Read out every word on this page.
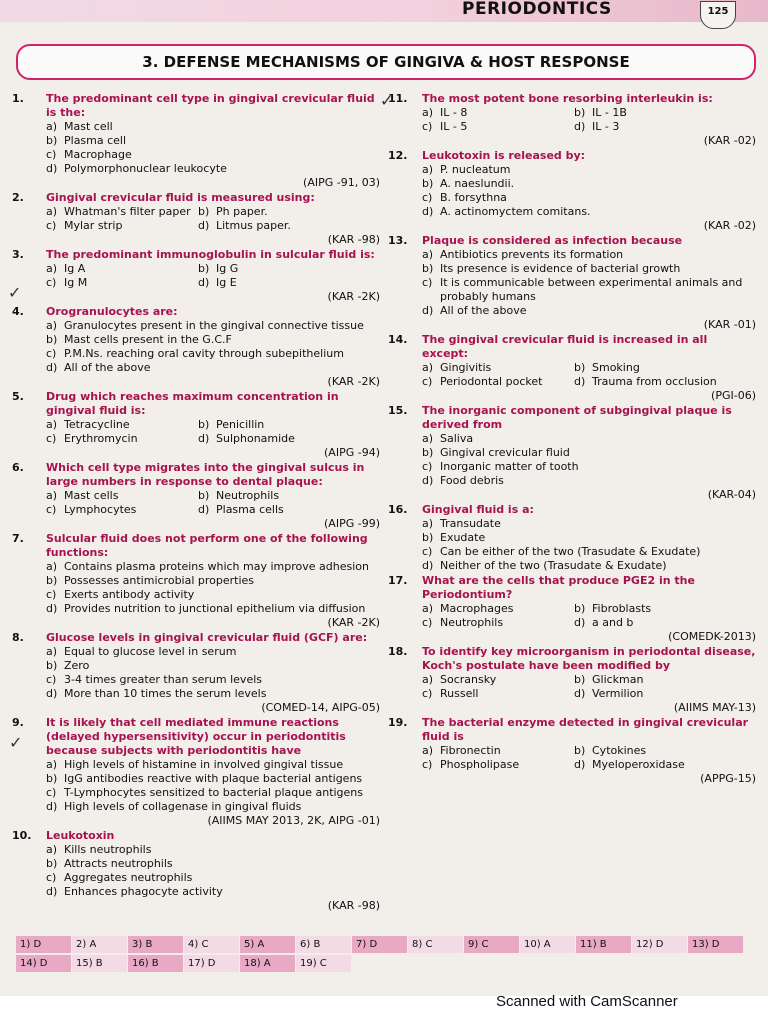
PERIODONTICS	125
3. DEFENSE MECHANISMS OF GINGIVA & HOST RESPONSE
1.	The predominant cell type in gingival crevicular fluid is the:
a) Mast cell
b) Plasma cell
c) Macrophage
d) Polymorphonuclear leukocyte
(AIPG -91, 03)
2.	Gingival crevicular fluid is measured using:
a) Whatman's filter paper b) Ph paper.
c) Mylar strip	d) Litmus paper.
(KAR -98)
3.	The predominant immunoglobulin in sulcular fluid is:
a) Ig A	b) Ig G
c) Ig M	d) Ig E
(KAR -2K)
4.	Orogranulocytes are:
a) Granulocytes present in the gingival connective tissue
b) Mast cells present in the G.C.F
c) P.M.Ns. reaching oral cavity through subepithelium
d) All of the above
(KAR -2K)
5.	Drug which reaches maximum concentration in gingival fluid is:
a) Tetracycline	b) Penicillin
c) Erythromycin	d) Sulphonamide
(AIPG -94)
6.	Which cell type migrates into the gingival sulcus in large numbers in response to dental plaque:
a) Mast cells	b) Neutrophils
c) Lymphocytes	d) Plasma cells
(AIPG -99)
7.	Sulcular fluid does not perform one of the following functions:
a) Contains plasma proteins which may improve adhesion
b) Possesses antimicrobial properties
c) Exerts antibody activity
d) Provides nutrition to junctional epithelium via diffusion
(KAR -2K)
8.	Glucose levels in gingival crevicular fluid (GCF) are:
a) Equal to glucose level in serum
b) Zero
c) 3-4 times greater than serum levels
d) More than 10 times the serum levels
(COMED-14, AIPG-05)
9.	It is likely that cell mediated immune reactions (delayed hypersensitivity) occur in periodontitis because subjects with periodontitis have
a) High levels of histamine in involved gingival tissue
b) IgG antibodies reactive with plaque bacterial antigens
c) T-Lymphocytes sensitized to bacterial plaque antigens
d) High levels of collagenase in gingival fluids
(AIIMS MAY 2013, 2K, AIPG -01)
10.	Leukotoxin
a) Kills neutrophils
b) Attracts neutrophils
c) Aggregates neutrophils
d) Enhances phagocyte activity
(KAR -98)
11.	The most potent bone resorbing interleukin is:
a) IL - 8	b) IL - 1B
c) IL - 5	d) IL - 3
(KAR -02)
12.	Leukotoxin is released by:
a) P. nucleatum
b) A. naeslundii.
c) B. forsythna
d) A. actinomyctem comitans.
(KAR -02)
13.	Plaque is considered as infection because
a) Antibiotics prevents its formation
b) Its presence is evidence of bacterial growth
c) It is communicable between experimental animals and probably humans
d) All of the above
(KAR -01)
14.	The gingival crevicular fluid is increased in all except:
a) Gingivitis	b) Smoking
c) Periodontal pocket	d) Trauma from occlusion
(PGI-06)
15.	The inorganic component of subgingival plaque is derived from
a) Saliva
b) Gingival crevicular fluid
c) Inorganic matter of tooth
d) Food debris
(KAR-04)
16.	Gingival fluid is a:
a) Transudate
b) Exudate
c) Can be either of the two (Trasudate & Exudate)
d) Neither of the two (Trasudate & Exudate)
17.	What are the cells that produce PGE2 in the Periodontium?
a) Macrophages	b) Fibroblasts
c) Neutrophils	d) a and b
(COMEDK-2013)
18.	To identify key microorganism in periodontal disease, Koch's postulate have been modified by
a) Socransky	b) Glickman
c) Russell	d) Vermilion
(AIIMS MAY-13)
19.	The bacterial enzyme detected in gingival crevicular fluid is
a) Fibronectin	b) Cytokines
c) Phospholipase	d) Myeloperoxidase
(APPG-15)
✓
✓
✓
1) D	2) A	3) B	4) C	5) A	6) B	7) D	8) C	9) C	10) A	11) B	12) D	13) D
14) D	15) B	16) B	17) D	18) A	19) C
Scanned with CamScanner
